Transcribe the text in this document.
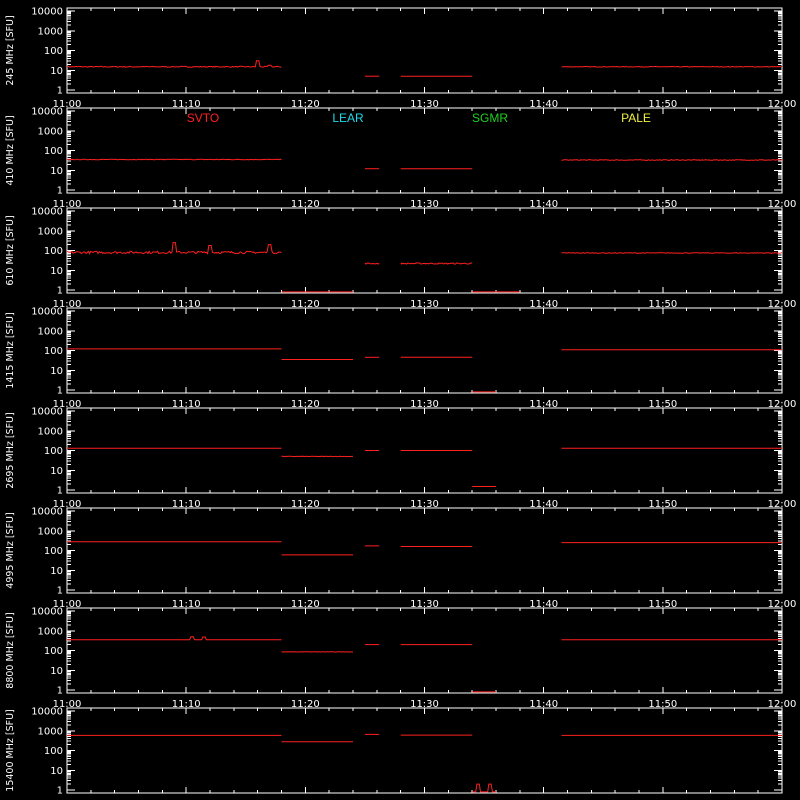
1
10
100
1000
10000
11:00	11:10	11:20	11:30	11:40	11:50	12:00
245 MHz [SFU]
1
10
100
1000
10000
11:00	11:10	11:20	11:30	11:40	11:50	12:00
410 MHz [SFU]
1
10
100
1000
10000
11:00	11:10	11:20	11:30	11:40	11:50	12:00
610 MHz [SFU]
1
10
100
1000
10000
11:00	11:10	11:20	11:30	11:40	11:50	12:00
1415 MHz [SFU]
1
10
100
1000
10000
11:00	11:10	11:20	11:30	11:40	11:50	12:00
2695 MHz [SFU]
1
10
100
1000
10000
11:00	11:10	11:20	11:30	11:40	11:50	12:00
4995 MHz [SFU]
1
10
100
1000
10000
11:00	11:10	11:20	11:30	11:40	11:50	12:00
8800 MHz [SFU]
1
10
100
1000
10000
15400 MHz [SFU]
SVTO	LEAR	SGMR	PALE
